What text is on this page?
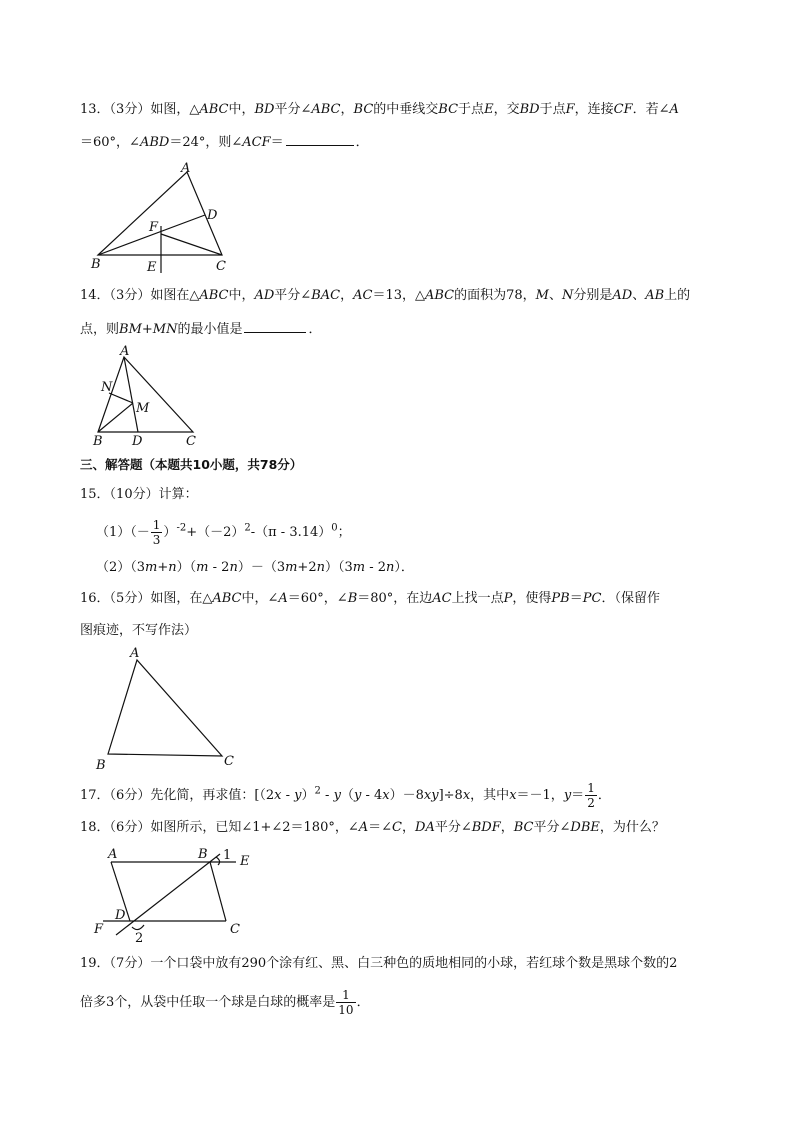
13．（3分）如图，△ABC中，BD平分∠ABC，BC的中垂线交BC于点E，交BD于点F，连接CF．若∠A
＝60°，∠ABD＝24°，则∠ACF＝	．
A
D
F
B	E	C
14．（3分）如图在△ABC中，AD平分∠BAC，AC＝13，△ABC的面积为78，M、N分别是AD、AB上的
点，则BM+MN的最小值是	．
A
N
M
B D	C
三、解答题（本题共10小题，共78分）
15．（10分）计算：
$(1)(- \frac{1}{3} )^{-2}+(-2)^2-(\pi - 3.14)^0$；
（2）（3m+n）（m - 2n）－（3m+2n）（3m - 2n）．
16．（5分）如图，在△ABC中，∠A＝60°，∠B＝80°，在边AC上找一点P，使得PB＝PC．（保留作
图痕迹，不写作法）
A
B	C
17．（6分）先化简，再求值：[（2x - y）$^2$ - y（y - 4x）－8xy]÷8x，其中x＝－1，$y= \frac{1}{2}$ ．
18．（6分）如图所示，已知∠1+∠2＝180°，∠A＝∠C，DA平分∠BDF，BC平分∠DBE，为什么？
A	B 1 E
D
F	C
2
19．（7分）一个口袋中放有290个涂有红、黑、白三种色的质地相同的小球，若红球个数是黑球个数的2
倍多3个，从袋中任取一个球是白球的概率是 $\frac{1}{10}$ ．
